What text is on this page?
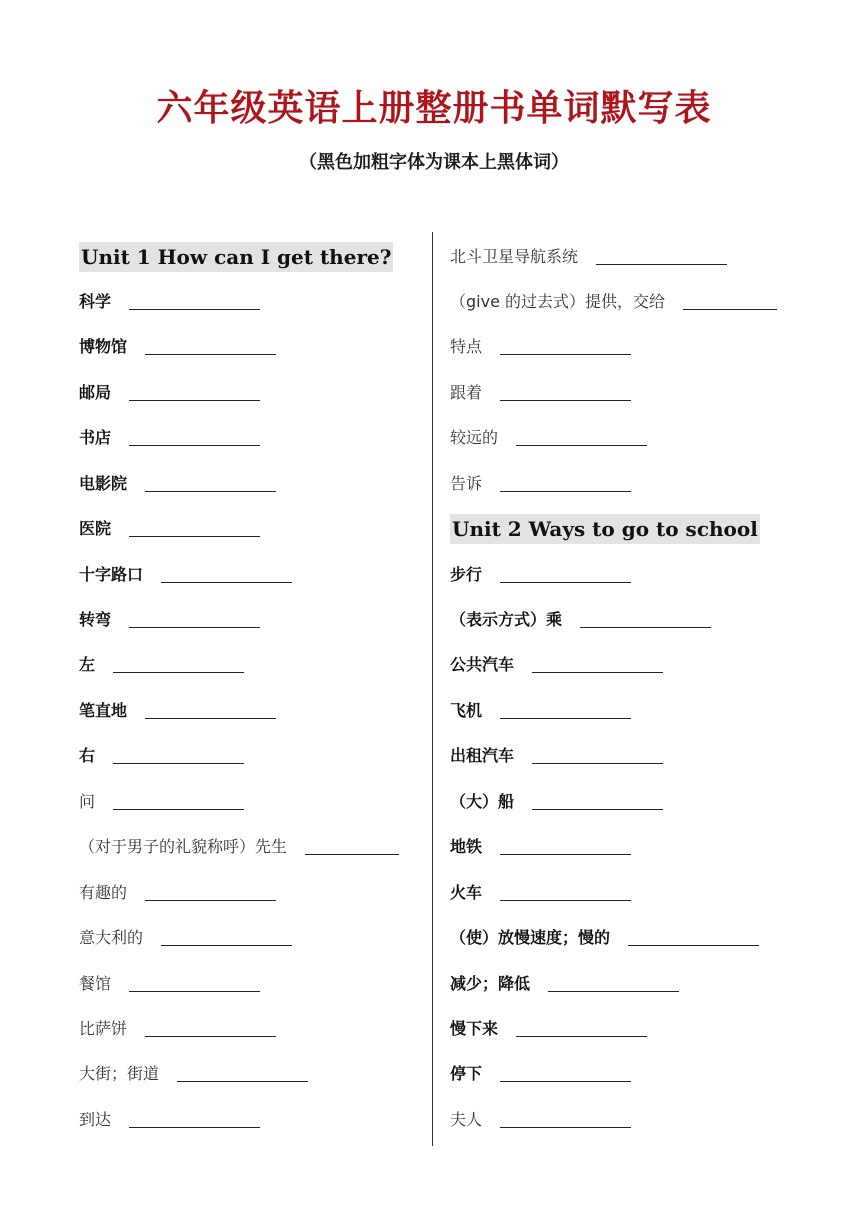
六年级英语上册整册书单词默写表
（黑色加粗字体为课本上黑体词）
Unit 1 How can I get there?
科学
博物馆
邮局
书店
电影院
医院
十字路口
转弯
左
笔直地
右
问
（对于男子的礼貌称呼）先生
有趣的
意大利的
餐馆
比萨饼
大街；街道
到达
北斗卫星导航系统
（give 的过去式）提供，交给
特点
跟着
较远的
告诉
Unit 2 Ways to go to school
步行
（表示方式）乘
公共汽车
飞机
出租汽车
（大）船
地铁
火车
（使）放慢速度；慢的
减少；降低
慢下来
停下
夫人
